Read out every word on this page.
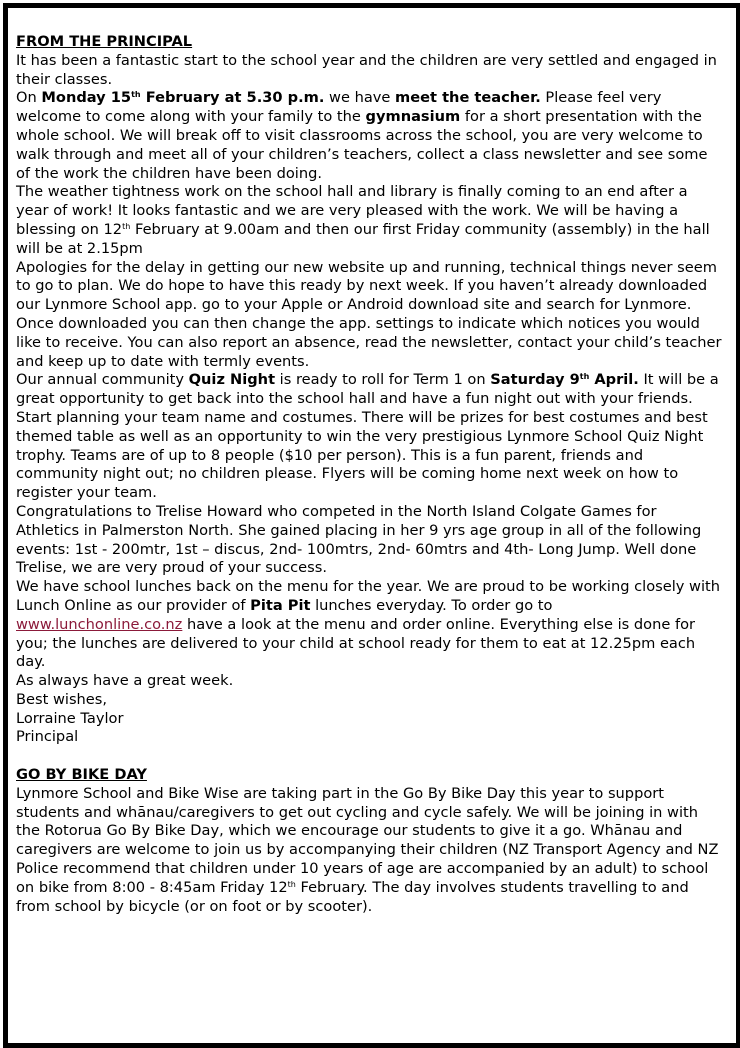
FROM THE PRINCIPAL

It has been a fantastic start to the school year and the children are very settled and engaged in their classes.

On Monday 15th February at 5.30 p.m. we have meet the teacher. Please feel very welcome to come along with your family to the gymnasium for a short presentation with the whole school. We will break off to visit classrooms across the school, you are very welcome to walk through and meet all of your children’s teachers, collect a class newsletter and see some of the work the children have been doing.

The weather tightness work on the school hall and library is finally coming to an end after a year of work! It looks fantastic and we are very pleased with the work. We will be having a blessing on 12th February at 9.00am and then our first Friday community (assembly) in the hall will be at 2.15pm

Apologies for the delay in getting our new website up and running, technical things never seem to go to plan. We do hope to have this ready by next week. If you haven’t already downloaded our Lynmore School app. go to your Apple or Android download site and search for Lynmore. Once downloaded you can then change the app. settings to indicate which notices you would like to receive. You can also report an absence, read the newsletter, contact your child’s teacher and keep up to date with termly events.

Our annual community Quiz Night is ready to roll for Term 1 on Saturday 9th April. It will be a great opportunity to get back into the school hall and have a fun night out with your friends. Start planning your team name and costumes. There will be prizes for best costumes and best themed table as well as an opportunity to win the very prestigious Lynmore School Quiz Night trophy. Teams are of up to 8 people ($10 per person). This is a fun parent, friends and community night out; no children please. Flyers will be coming home next week on how to register your team.

Congratulations to Trelise Howard who competed in the North Island Colgate Games for Athletics in Palmerston North. She gained placing in her 9 yrs age group in all of the following events: 1st - 200mtr, 1st – discus, 2nd- 100mtrs, 2nd- 60mtrs and 4th- Long Jump. Well done Trelise, we are very proud of your success.

We have school lunches back on the menu for the year. We are proud to be working closely with

Lunch Online as our provider of Pita Pit lunches everyday. To order go to

www.lunchonline.co.nz have a look at the menu and order online. Everything else is done for you; the lunches are delivered to your child at school ready for them to eat at 12.25pm each day.

As always have a great week.

Best wishes,

Lorraine Taylor

Principal

GO BY BIKE DAY

Lynmore School and Bike Wise are taking part in the Go By Bike Day this year to support students and whānau/caregivers to get out cycling and cycle safely. We will be joining in with the Rotorua Go By Bike Day, which we encourage our students to give it a go. Whānau and caregivers are welcome to join us by accompanying their children (NZ Transport Agency and NZ Police recommend that children under 10 years of age are accompanied by an adult) to school on bike from 8:00 - 8:45am Friday 12th February. The day involves students travelling to and from school by bicycle (or on foot or by scooter).
